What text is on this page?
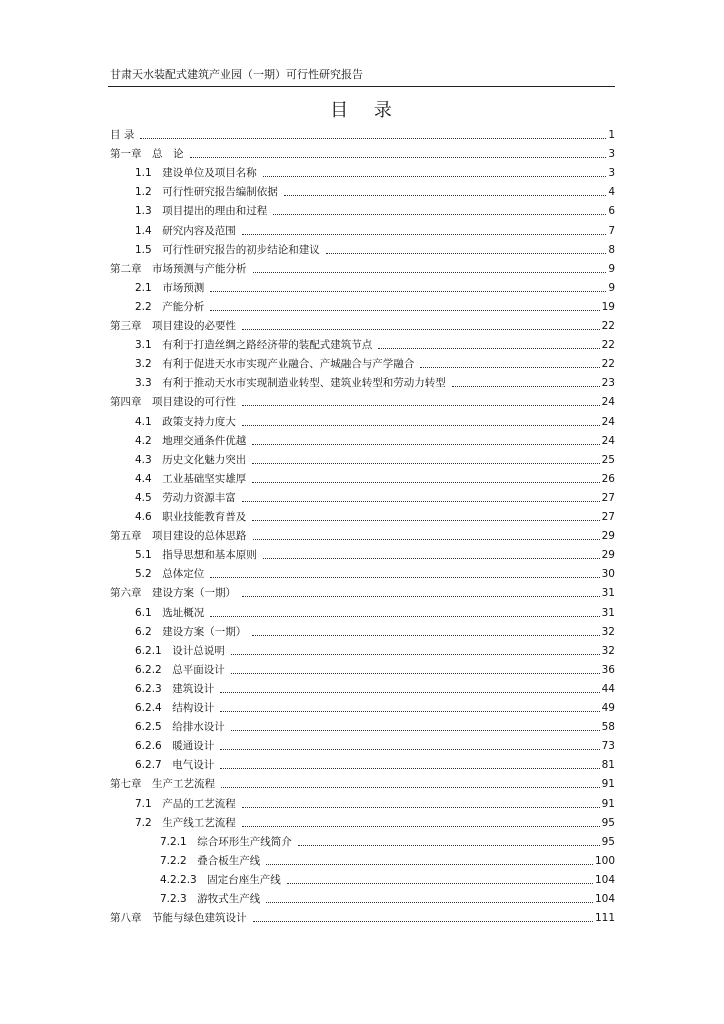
甘肃天水装配式建筑产业园（一期）可行性研究报告
目 录
目 录	1
第一章　总　论	3
1.1　建设单位及项目名称	3
1.2　可行性研究报告编制依据	4
1.3　项目提出的理由和过程	6
1.4　研究内容及范围	7
1.5　可行性研究报告的初步结论和建议	8
第二章　市场预测与产能分析	9
2.1　市场预测	9
2.2　产能分析	19
第三章　项目建设的必要性	22
3.1　有利于打造丝绸之路经济带的装配式建筑节点	22
3.2　有利于促进天水市实现产业融合、产城融合与产学融合	22
3.3　有利于推动天水市实现制造业转型、建筑业转型和劳动力转型	23
第四章　项目建设的可行性	24
4.1　政策支持力度大	24
4.2　地理交通条件优越	24
4.3　历史文化魅力突出	25
4.4　工业基础坚实雄厚	26
4.5　劳动力资源丰富	27
4.6　职业技能教育普及	27
第五章　项目建设的总体思路	29
5.1　指导思想和基本原则	29
5.2　总体定位	30
第六章　建设方案（一期）	31
6.1　选址概况	31
6.2　建设方案（一期）	32
6.2.1　设计总说明	32
6.2.2　总平面设计	36
6.2.3　建筑设计	44
6.2.4　结构设计	49
6.2.5　给排水设计	58
6.2.6　暖通设计	73
6.2.7　电气设计	81
第七章　生产工艺流程	91
7.1　产品的工艺流程	91
7.2　生产线工艺流程	95
7.2.1　综合环形生产线简介	95
7.2.2　叠合板生产线	100
4.2.2.3　固定台座生产线	104
7.2.3　游牧式生产线	104
第八章　节能与绿色建筑设计	111
